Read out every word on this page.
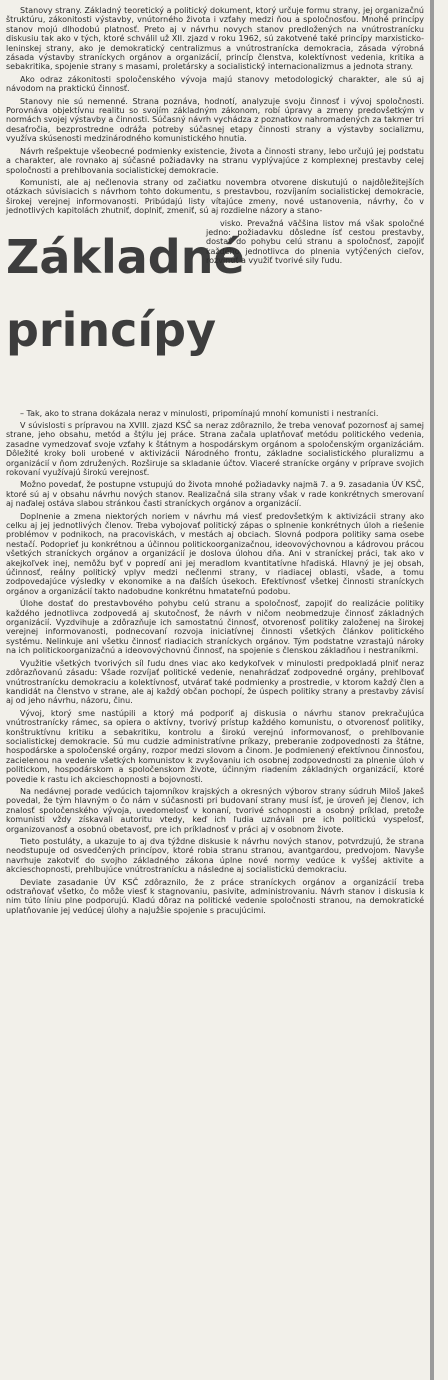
Stanovy strany. Základný teoretický a politický dokument, ktorý určuje formu strany, jej organizačnú štruktúru, zákonitosti výstavby, vnútorného života i vzťahy medzi ňou a spoločnosťou. Mnohé princípy stanov mojú dlhodobú platnosť. Preto aj v návrhu novych stanov predložených na vnútrostranícku diskusiu tak ako v tých, ktoré schválil už XII. zjazd v roku 1962, sú zakotvené také princípy marxisticko-leninskej strany, ako je demokratický centralizmus a vnútrostranícka demokracia, zásada výrobná zásada výstavby straníckych orgánov a organizácií, princíp členstva, kolektívnost vedenia, kritika a sebakritika, spojenie strany s masami, proletársky a socialistický internacionalizmus a jednota strany.

Ako odraz zákonitosti spoločenského vývoja majú stanovy metodologický charakter, ale sú aj návodom na praktickú činnosť.

Stanovy nie sú nemenné. Strana poznáva, hodnotí, analyzuje svoju činnosť i vývoj spoločnosti. Porovnáva objektívnu realitu so svojím základným zákonom, robí úpravy a zmeny predovšetkým v normách svojej výstavby a činnosti. Súčasný návrh vychádza z poznatkov nahromadených za takmer tri desaťročia, bezprostredne odráža potreby súčasnej etapy činnosti strany a výstavby socializmu, využíva skúsenosti medzinárodného komunistického hnutia.

Návrh rešpektuje všeobecné podmienky existencie, života a činnosti strany, lebo určujú jej podstatu a charakter, ale rovnako aj súčasné požiadavky na stranu vyplývajúce z komplexnej prestavby celej spoločnosti a prehlbovania socialistickej demokracie.

Komunisti, ale aj nečlenovia strany od začiatku novembra otvorene diskutujú o najdôležitejších otázkach súvisiacich s návrhom tohto dokumentu, s prestavbou, rozvíjaním socialistickej demokracie, širokej verejnej informovanosti. Pribúdajú listy vítajúce zmeny, nové ustanovenia, návrhy, čo v jednotlivých kapitolách zhutniť, doplniť, zmeniť, sú aj rozdielne názory a stano-

Základné
princípy

visko. Prevažná väčšina listov má však spoločné jedno: požiadavku dôsledne ísť cestou prestavby, dostať do pohybu celú stranu a spoločnosť, zapojiť každého jednotlivca do plnenia vytýčených cieľov, rozvinúť a využiť tvorivé sily ľudu.

– Tak, ako to strana dokázala neraz v minulosti, pripomínajú mnohí komunisti i nestraníci.

V súvislosti s prípravou na XVIII. zjazd KSČ sa neraz zdôraznilo, že treba venovať pozornosť aj samej strane, jeho obsahu, metód a štýlu jej práce. Strana začala uplatňovať metódu politického vedenia, zasadne vymedzovať svoje vzťahy k štátnym a hospodárskym orgánom a spoločenským organizáciám. Dôležité kroky boli urobené v aktivizácii Národného frontu, základne socialistického pluralizmu a organizácií v ňom združených. Rozširuje sa skladanie účtov. Viaceré stranícke orgány v príprave svojich rokovaní využívajú širokú verejnosť.

Možno povedať, že postupne vstupujú do života mnohé požiadavky najmä 7. a 9. zasadania ÚV KSČ, ktoré sú aj v obsahu návrhu nových stanov. Realizačná sila strany však v rade konkrétnych smerovaní aj naďalej ostáva slabou stránkou časti straníckych orgánov a organizácií.

Doplnenie a zmena niektorých noriem v návrhu má viesť predovšetkým k aktivizácii strany ako celku aj jej jednotlivých členov. Treba vybojovať politický zápas o splnenie konkrétnych úloh a riešenie problémov v podnikoch, na pracoviskách, v mestách aj obciach. Slovná podpora politiky sama osebe nestačí. Podoprieť ju konkrétnou a účinnou politickoorganizačnou, ideovovýchovnou a kádrovou prácou všetkých straníckych orgánov a organizácií je doslova úlohou dňa. Ani v straníckej práci, tak ako v akejkoľvek inej, nemôžu byť v popredí ani jej meradlom kvantitatívne hľadiská. Hlavný je jej obsah, účinnosť, reálny politický vplyv medzi nečlenmi strany, v riadiacej oblasti, všade, a tomu zodpovedajúce výsledky v ekonomike a na ďalších úsekoch. Efektívnosť všetkej činnosti straníckych orgánov a organizácií takto nadobudne konkrétnu hmatateľnú podobu.

Úlohe dostať do prestavbového pohybu celú stranu a spoločnosť, zapojiť do realizácie politiky každého jednotlivca zodpovedá aj skutočnosť, že návrh v ničom neobmedzuje činnosť základných organizácií. Vyzdvihuje a zdôrazňuje ich samostatnú činnosť, otvorenosť politiky založenej na širokej verejnej informovanosti, podnecovaní rozvoja iniciatívnej činnosti všetkých článkov politického systému. Nelinkuje ani všetku činnosť riadiacich straníckych orgánov. Tým podstatne vzrastajú nároky na ich politickoorganizačnú a ideovovýchovnú činnosť, na spojenie s členskou základňou i nestraníkmi.

Využitie všetkých tvorivých síl ľudu dnes viac ako kedykoľvek v minulosti predpokladá plniť neraz zdôrazňovanú zásadu: Všade rozvíjať politické vedenie, nenahrádzať zodpovedné orgány, prehlbovať vnútrostranícku demokraciu a kolektívnosť, utvárať také podmienky a prostredie, v ktorom každý člen a kandidát na členstvo v strane, ale aj každý občan pochopí, že úspech politiky strany a prestavby závisí aj od jeho návrhu, názoru, činu.

Vývoj, ktorý sme nastúpili a ktorý má podporiť aj diskusia o návrhu stanov prekračujúca vnútrostranícky rámec, sa opiera o aktívny, tvorivý prístup každého komunistu, o otvorenosť politiky, konštruktívnu kritiku a sebakritiku, kontrolu a širokú verejnú informovanosť, o prehlbovanie socialistickej demokracie. Sú mu cudzie administratívne príkazy, preberanie zodpovednosti za štátne, hospodárske a spoločenské orgány, rozpor medzi slovom a činom. Je podmienený efektívnou činnosťou, zacielenou na vedenie všetkých komunistov k zvyšovaniu ich osobnej zodpovednosti za plnenie úloh v politickom, hospodárskom a spoločenskom živote, účinným riadením základných organizácií, ktoré povedie k rastu ich akcieschopnosti a bojovnosti.

Na nedávnej porade vedúcich tajomníkov krajských a okresných výborov strany súdruh Miloš Jakeš povedal, že tým hlavným o čo nám v súčasnosti pri budovaní strany musí ísť, je úroveň jej členov, ich znalosť spoločenského vývoja, uvedomelosť v konaní, tvorivé schopnosti a osobný príklad, pretože komunisti vždy získavali autoritu vtedy, keď ich ľudia uznávali pre ich politickú vyspelosť, organizovanosť a osobnú obetavosť, pre ich príkladnosť v práci aj v osobnom živote.

Tieto postuláty, a ukazuje to aj dva týždne diskusie k návrhu nových stanov, potvrdzujú, že strana neodstupuje od osvedčených princípov, ktoré robia stranu stranou, avantgardou, predvojom. Navyše navrhuje zakotviť do svojho základného zákona úplne nové normy vedúce k vyššej aktivite a akcieschopnosti, prehlbujúce vnútrostranícku a následne aj socialistickú demokraciu.

Deviate zasadanie ÚV KSČ zdôraznilo, že z práce straníckych orgánov a organizácií treba odstraňovať všetko, čo môže viesť k stagnovaniu, pasivite, administrovaniu. Návrh stanov i diskusia k nim túto líniu plne podporujú. Kladú dôraz na politické vedenie spoločnosti stranou, na demokratické uplatňovanie jej vedúcej úlohy a najužšie spojenie s pracujúcimi.
